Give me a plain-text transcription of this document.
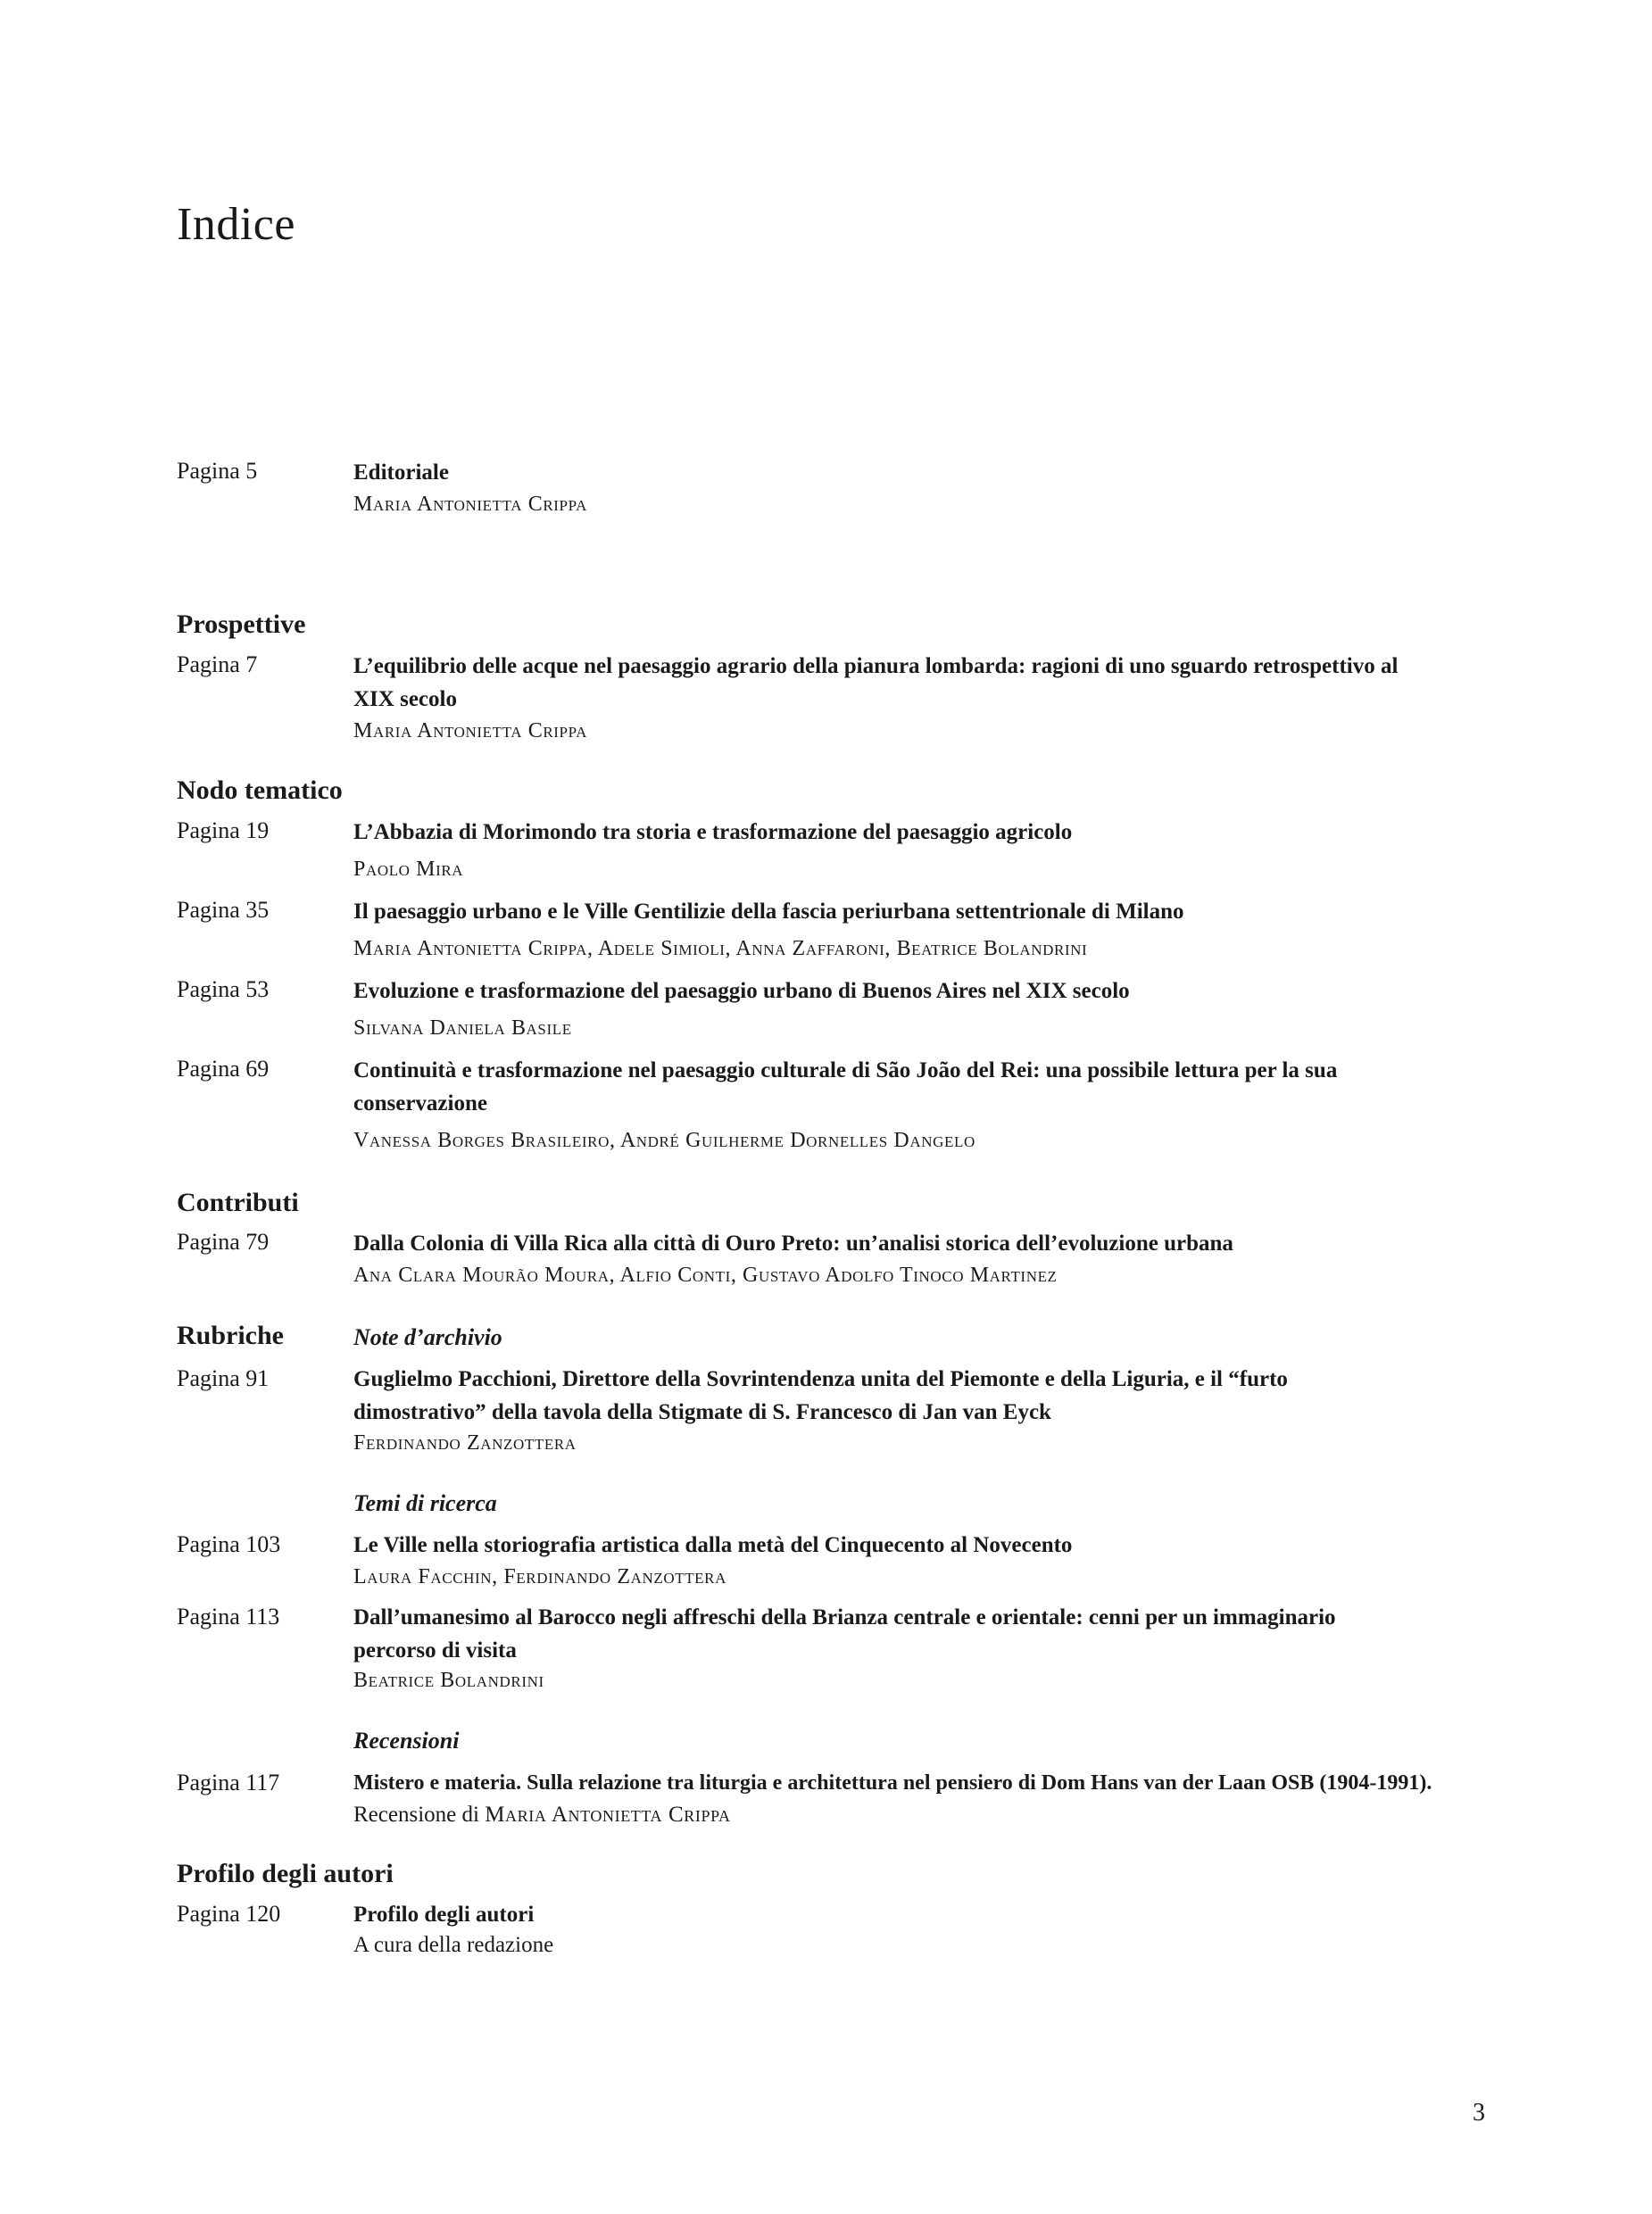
Indice
Pagina 5	Editoriale
Maria Antonietta Crippa
Prospettive
Pagina 7	L’equilibrio delle acque nel paesaggio agrario della pianura lombarda: ragioni di uno sguardo retrospettivo al
XIX secolo
Maria Antonietta Crippa
Nodo tematico
Pagina 19	L’Abbazia di Morimondo tra storia e trasformazione del paesaggio agricolo
Paolo Mira
Pagina 35	Il paesaggio urbano e le Ville Gentilizie della fascia periurbana settentrionale di Milano
Maria Antonietta Crippa, Adele Simioli, Anna Zaffaroni, Beatrice Bolandrini
Pagina 53	Evoluzione e trasformazione del paesaggio urbano di Buenos Aires nel XIX secolo
Silvana Daniela Basile
Pagina 69	Continuità e trasformazione nel paesaggio culturale di São João del Rei: una possibile lettura per la sua
conservazione
Vanessa Borges Brasileiro, André Guilherme Dornelles Dangelo
Contributi
Pagina 79	Dalla Colonia di Villa Rica alla città di Ouro Preto: un’analisi storica dell’evoluzione urbana
Ana Clara Mourão Moura, Alfio Conti, Gustavo Adolfo Tinoco Martinez
Rubriche	Note d’archivio
Pagina 91	Guglielmo Pacchioni, Direttore della Sovrintendenza unita del Piemonte e della Liguria, e il “furto
dimostrativo” della tavola della Stigmate di S. Francesco di Jan van Eyck
Ferdinando Zanzottera
Temi di ricerca
Pagina 103	Le Ville nella storiografia artistica dalla metà del Cinquecento al Novecento
Laura Facchin, Ferdinando Zanzottera
Pagina 113	Dall’umanesimo al Barocco negli affreschi della Brianza centrale e orientale: cenni per un immaginario
percorso di visita
Beatrice Bolandrini
Recensioni
Pagina 117	Mistero e materia. Sulla relazione tra liturgia e architettura nel pensiero di Dom Hans van der Laan OSB (1904-1991).
Recensione di Maria Antonietta Crippa
Profilo degli autori
Pagina 120	Profilo degli autori
A cura della redazione
3
